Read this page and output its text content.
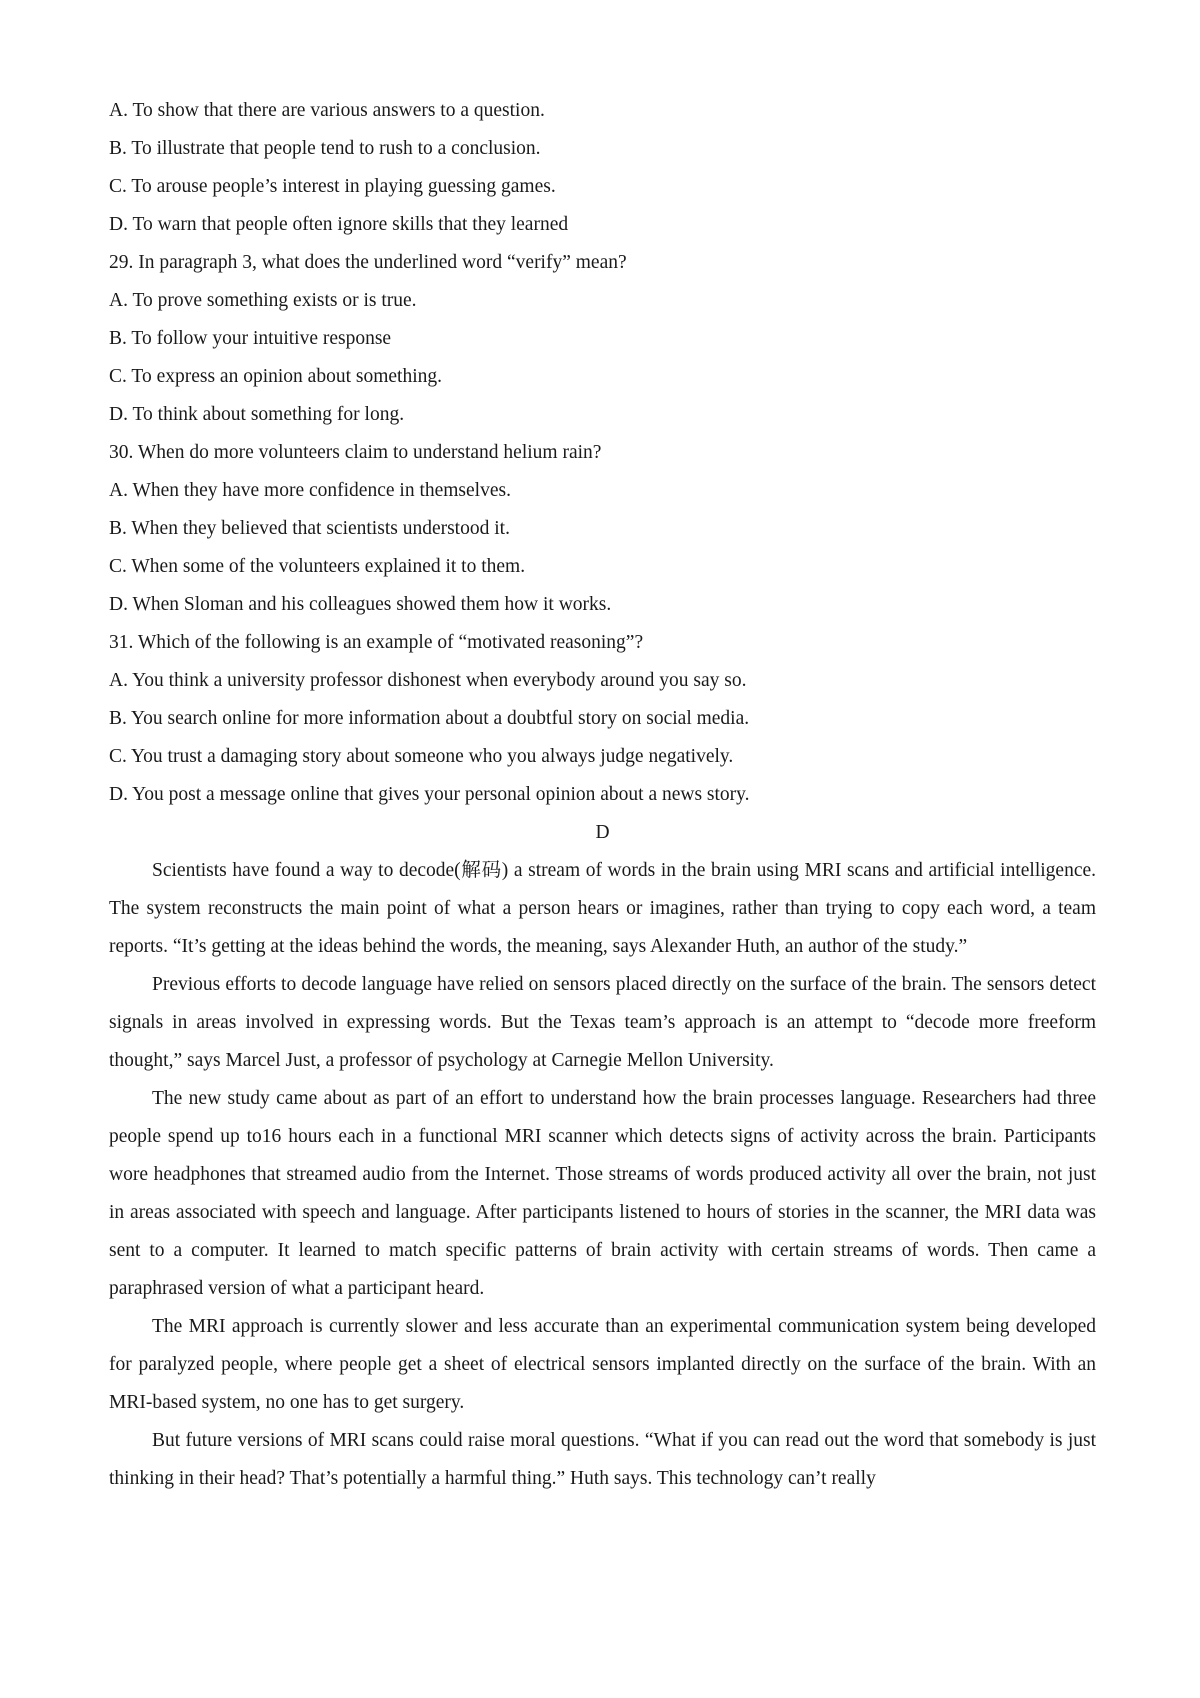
A. To show that there are various answers to a question.
B. To illustrate that people tend to rush to a conclusion.
C. To arouse people’s interest in playing guessing games.
D. To warn that people often ignore skills that they learned
29. In paragraph 3, what does the underlined word “verify” mean?
A. To prove something exists or is true.
B. To follow your intuitive response
C. To express an opinion about something.
D. To think about something for long.
30. When do more volunteers claim to understand helium rain?
A. When they have more confidence in themselves.
B. When they believed that scientists understood it.
C. When some of the volunteers explained it to them.
D. When Sloman and his colleagues showed them how it works.
31. Which of the following is an example of “motivated reasoning”?
A. You think a university professor dishonest when everybody around you say so.
B. You search online for more information about a doubtful story on social media.
C. You trust a damaging story about someone who you always judge negatively.
D. You post a message online that gives your personal opinion about a news story.
D

Scientists have found a way to decode(解码) a stream of words in the brain using MRI scans and artificial intelligence. The system reconstructs the main point of what a person hears or imagines, rather than trying to copy each word, a team reports. “It’s getting at the ideas behind the words, the meaning, says Alexander Huth, an author of the study.”

Previous efforts to decode language have relied on sensors placed directly on the surface of the brain. The sensors detect signals in areas involved in expressing words. But the Texas team’s approach is an attempt to “decode more freeform thought,” says Marcel Just, a professor of psychology at Carnegie Mellon University.

The new study came about as part of an effort to understand how the brain processes language. Researchers had three people spend up to16 hours each in a functional MRI scanner which detects signs of activity across the brain. Participants wore headphones that streamed audio from the Internet. Those streams of words produced activity all over the brain, not just in areas associated with speech and language. After participants listened to hours of stories in the scanner, the MRI data was sent to a computer. It learned to match specific patterns of brain activity with certain streams of words. Then came a paraphrased version of what a participant heard.

The MRI approach is currently slower and less accurate than an experimental communication system being developed for paralyzed people, where people get a sheet of electrical sensors implanted directly on the surface of the brain. With an MRI-based system, no one has to get surgery.

But future versions of MRI scans could raise moral questions. “What if you can read out the word that somebody is just thinking in their head? That’s potentially a harmful thing.” Huth says. This technology can’t really
